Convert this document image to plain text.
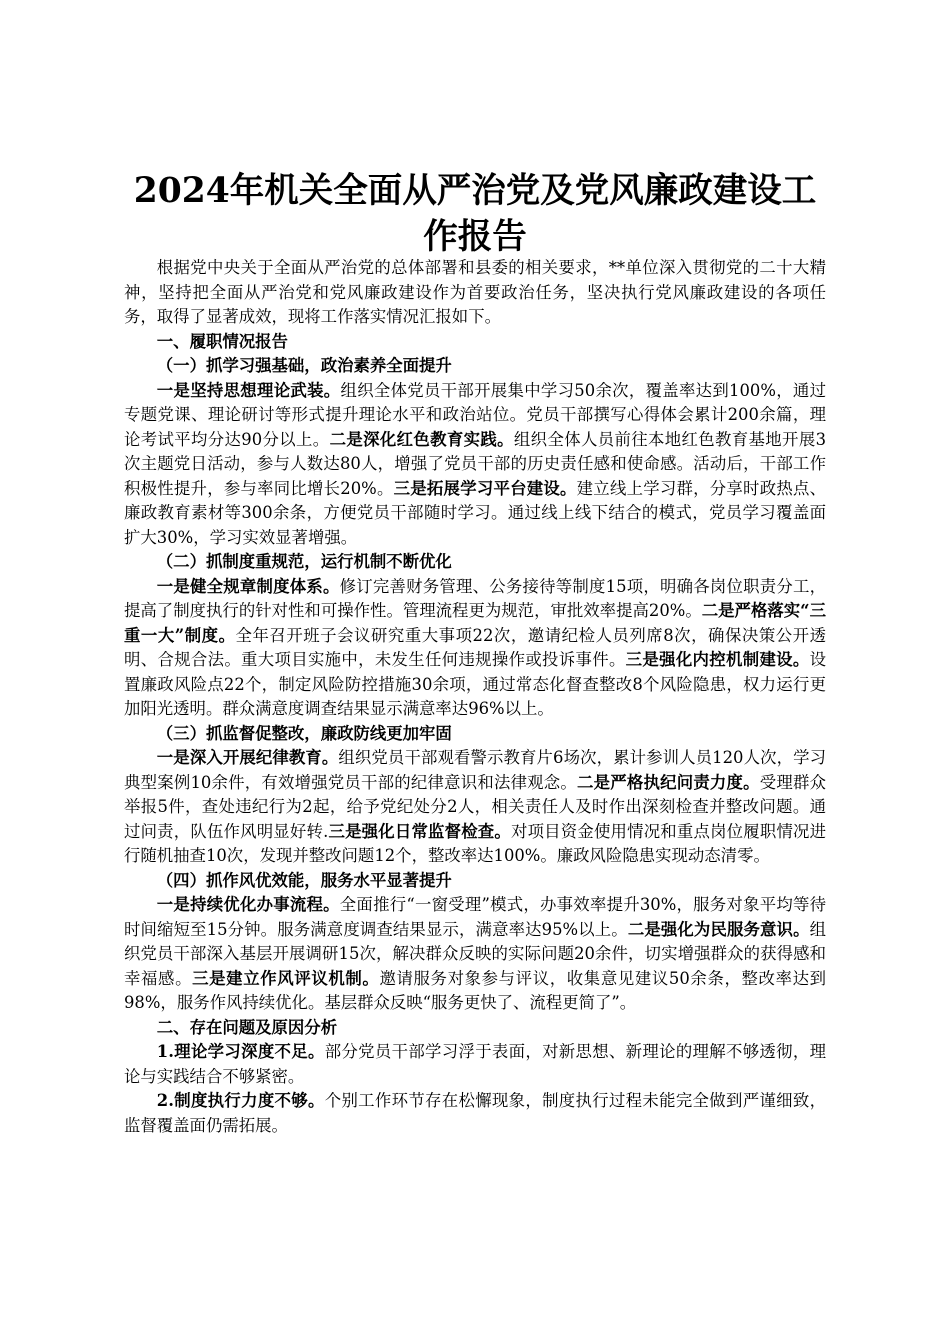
2024年机关全面从严治党及党风廉政建设工作报告

根据党中央关于全面从严治党的总体部署和县委的相关要求，**单位深入贯彻党的二十大精神，坚持把全面从严治党和党风廉政建设作为首要政治任务，坚决执行党风廉政建设的各项任务，取得了显著成效，现将工作落实情况汇报如下。

一、履职情况报告

（一）抓学习强基础，政治素养全面提升

一是坚持思想理论武装。组织全体党员干部开展集中学习50余次，覆盖率达到100%，通过专题党课、理论研讨等形式提升理论水平和政治站位。党员干部撰写心得体会累计200余篇，理论考试平均分达90分以上。二是深化红色教育实践。组织全体人员前往本地红色教育基地开展3次主题党日活动，参与人数达80人，增强了党员干部的历史责任感和使命感。活动后，干部工作积极性提升，参与率同比增长20%。三是拓展学习平台建设。建立线上学习群，分享时政热点、廉政教育素材等300余条，方便党员干部随时学习。通过线上线下结合的模式，党员学习覆盖面扩大30%，学习实效显著增强。

（二）抓制度重规范，运行机制不断优化

一是健全规章制度体系。修订完善财务管理、公务接待等制度15项，明确各岗位职责分工，提高了制度执行的针对性和可操作性。管理流程更为规范，审批效率提高20%。二是严格落实“三重一大”制度。全年召开班子会议研究重大事项22次，邀请纪检人员列席8次，确保决策公开透明、合规合法。重大项目实施中，未发生任何违规操作或投诉事件。三是强化内控机制建设。设置廉政风险点22个，制定风险防控措施30余项，通过常态化督查整改8个风险隐患，权力运行更加阳光透明。群众满意度调查结果显示满意率达96%以上。

（三）抓监督促整改，廉政防线更加牢固

一是深入开展纪律教育。组织党员干部观看警示教育片6场次，累计参训人员120人次，学习典型案例10余件，有效增强党员干部的纪律意识和法律观念。二是严格执纪问责力度。受理群众举报5件，查处违纪行为2起，给予党纪处分2人，相关责任人及时作出深刻检查并整改问题。通过问责，队伍作风明显好转.三是强化日常监督检查。对项目资金使用情况和重点岗位履职情况进行随机抽查10次，发现并整改问题12个，整改率达100%。廉政风险隐患实现动态清零。

（四）抓作风优效能，服务水平显著提升

一是持续优化办事流程。全面推行“一窗受理”模式，办事效率提升30%，服务对象平均等待时间缩短至15分钟。服务满意度调查结果显示，满意率达95%以上。二是强化为民服务意识。组织党员干部深入基层开展调研15次，解决群众反映的实际问题20余件，切实增强群众的获得感和幸福感。三是建立作风评议机制。邀请服务对象参与评议，收集意见建议50余条，整改率达到98%，服务作风持续优化。基层群众反映“服务更快了、流程更简了”。

二、存在问题及原因分析

1.理论学习深度不足。部分党员干部学习浮于表面，对新思想、新理论的理解不够透彻，理论与实践结合不够紧密。

2.制度执行力度不够。个别工作环节存在松懈现象，制度执行过程未能完全做到严谨细致，监督覆盖面仍需拓展。
